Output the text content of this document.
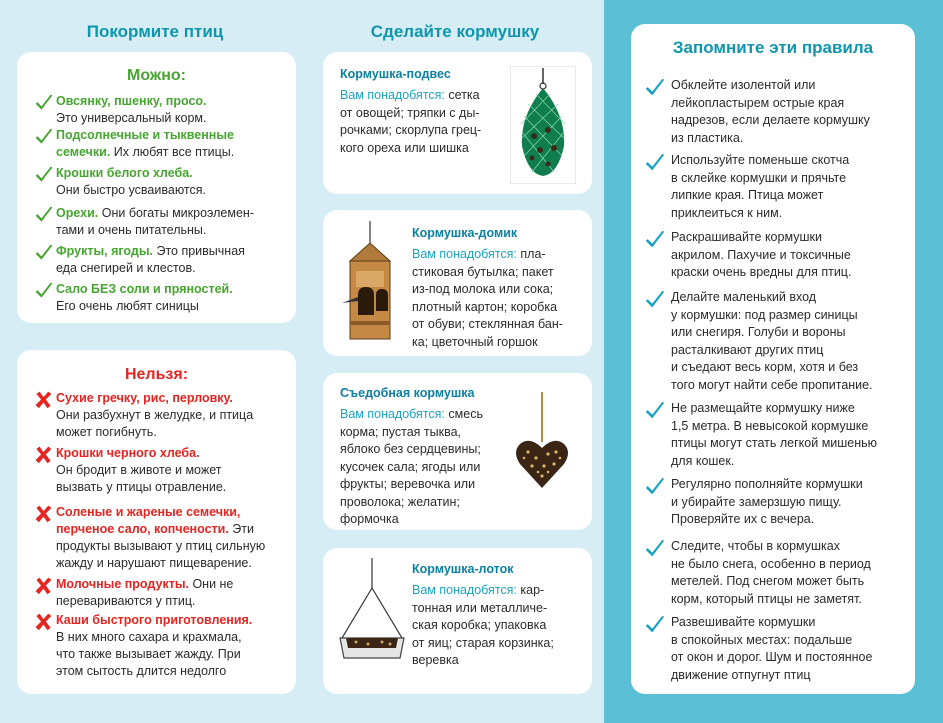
Покормите птиц
Можно:
Овсянку, пшенку, просо.
Это универсальный корм.
Подсолнечные и тыквенные
семечки. Их любят все птицы.
Крошки белого хлеба.
Они быстро усваиваются.
Орехи. Они богаты микроэлемен-
тами и очень питательны.
Фрукты, ягоды. Это привычная
еда снегирей и клестов.
Сало БЕЗ соли и пряностей.
Его очень любят синицы
Нельзя:
Сухие гречку, рис, перловку.
Они разбухнут в желудке, и птица
может погибнуть.
Крошки черного хлеба.
Он бродит в животе и может
вызвать у птицы отравление.
Соленые и жареные семечки,
перченое сало, копчености. Эти
продукты вызывают у птиц сильную
жажду и нарушают пищеварение.
Молочные продукты. Они не
перевариваются у птиц.
Каши быстрого приготовления.
В них много сахара и крахмала,
что также вызывает жажду. При
этом сытость длится недолго
Сделайте кормушку
Кормушка-подвес
Вам понадобятся: сетка
от овощей; тряпки с ды-
рочками; скорлупа грец-
кого ореха или шишка
Кормушка-домик
Вам понадобятся: пла-
стиковая бутылка; пакет
из-под молока или сока;
плотный картон; коробка
от обуви; стеклянная бан-
ка; цветочный горшок
Съедобная кормушка
Вам понадобятся: смесь
корма; пустая тыква,
яблоко без сердцевины;
кусочек сала; ягоды или
фрукты; веревочка или
проволока; желатин;
формочка
Кормушка-лоток
Вам понадобятся: кар-
тонная или металличе-
ская коробка; упаковка
от яиц; старая корзинка;
веревка
Запомните эти правила
Обклейте изолентой или
лейкопластырем острые края
надрезов, если делаете кормушку
из пластика.
Используйте поменьше скотча
в склейке кормушки и прячьте
липкие края. Птица может
приклеиться к ним.
Раскрашивайте кормушки
акрилом. Пахучие и токсичные
краски очень вредны для птиц.
Делайте маленький вход
у кормушки: под размер синицы
или снегиря. Голуби и вороны
расталкивают других птиц
и съедают весь корм, хотя и без
того могут найти себе пропитание.
Не размещайте кормушку ниже
1,5 метра. В невысокой кормушке
птицы могут стать легкой мишенью
для кошек.
Регулярно пополняйте кормушки
и убирайте замерзшую пищу.
Проверяйте их с вечера.
Следите, чтобы в кормушках
не было снега, особенно в период
метелей. Под снегом может быть
корм, который птицы не заметят.
Развешивайте кормушки
в спокойных местах: подальше
от окон и дорог. Шум и постоянное
движение отпугнут птиц
